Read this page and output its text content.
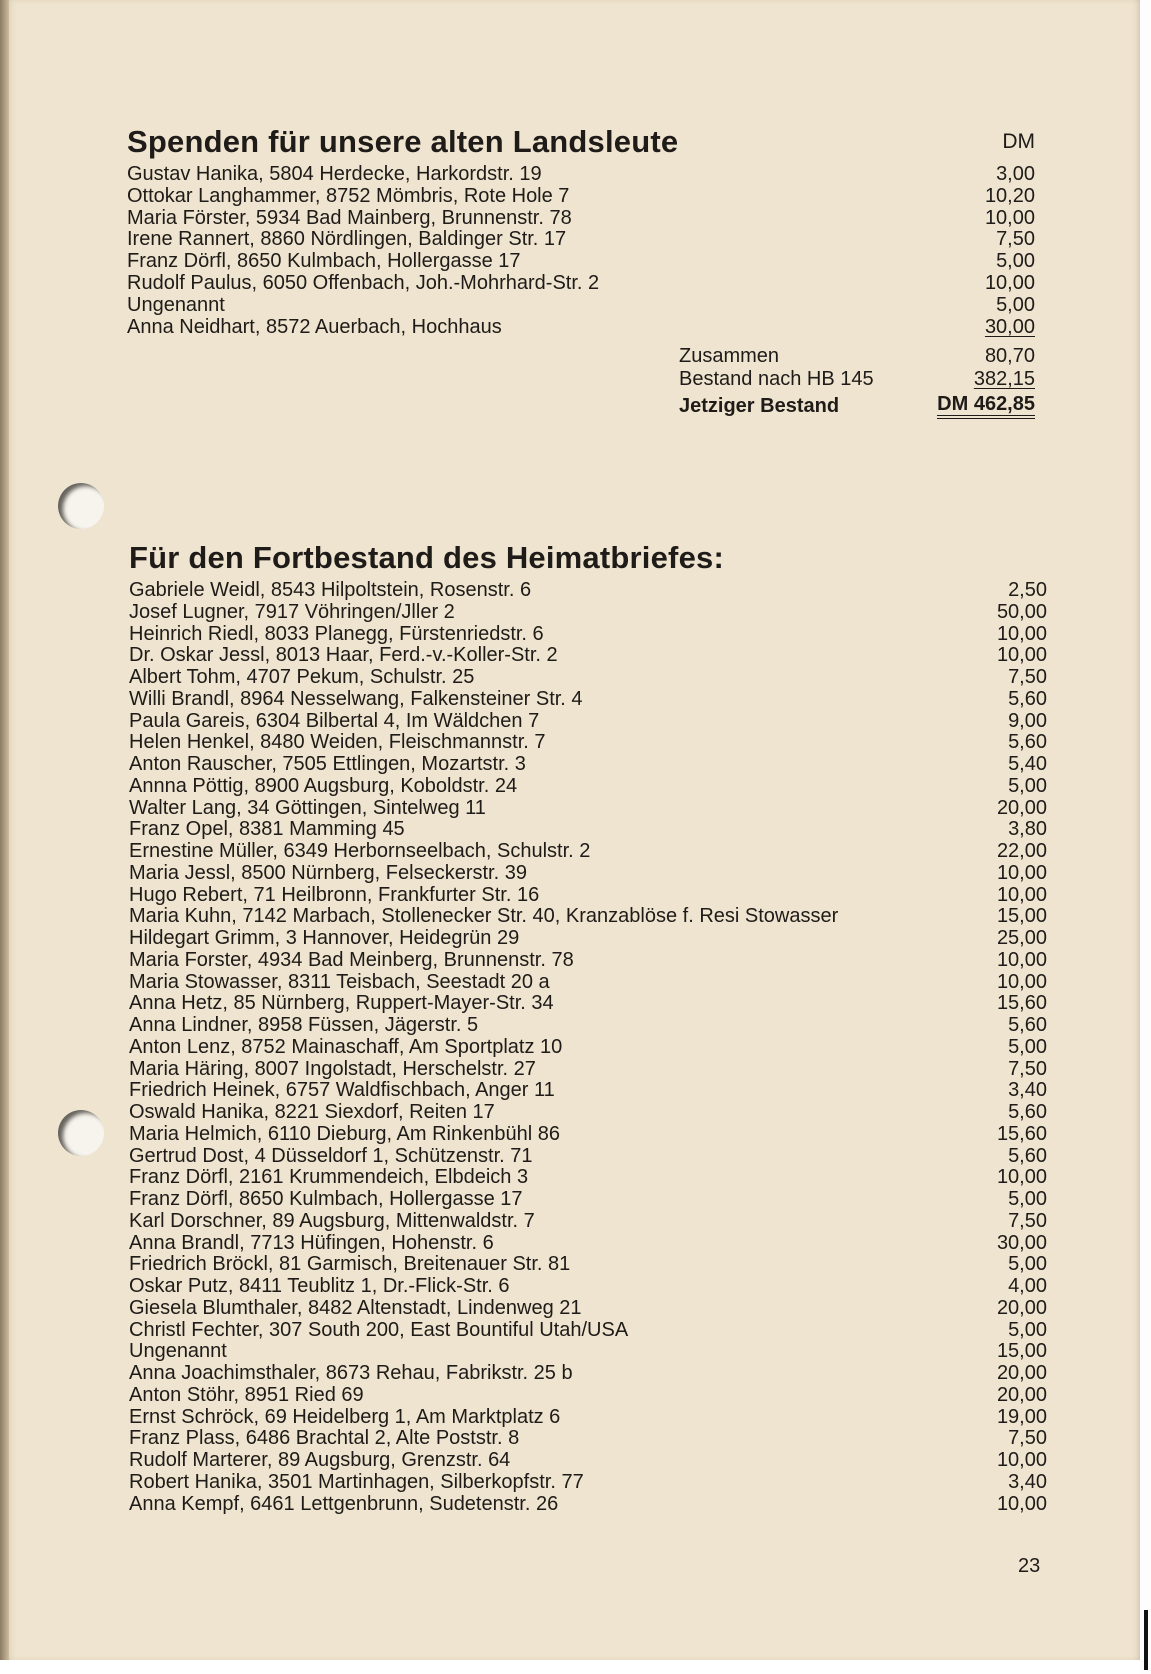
Spenden für unsere alten Landsleute	DM
Gustav Hanika, 5804 Herdecke, Harkordstr. 19	3,00
Ottokar Langhammer, 8752 Mömbris, Rote Hole 7	10,20
Maria Förster, 5934 Bad Mainberg, Brunnenstr. 78	10,00
Irene Rannert, 8860 Nördlingen, Baldinger Str. 17	7,50
Franz Dörfl, 8650 Kulmbach, Hollergasse 17	5,00
Rudolf Paulus, 6050 Offenbach, Joh.-Mohrhard-Str. 2	10,00
Ungenannt	5,00
Anna Neidhart, 8572 Auerbach, Hochhaus	30,00
Zusammen	80,70
Bestand nach HB 145	382,15
Jetziger Bestand	DM 462,85
Für den Fortbestand des Heimatbriefes:
Gabriele Weidl, 8543 Hilpoltstein, Rosenstr. 6	2,50
Josef Lugner, 7917 Vöhringen/Jller 2	50,00
Heinrich Riedl, 8033 Planegg, Fürstenriedstr. 6	10,00
Dr. Oskar Jessl, 8013 Haar, Ferd.-v.-Koller-Str. 2	10,00
Albert Tohm, 4707 Pekum, Schulstr. 25	7,50
Willi Brandl, 8964 Nesselwang, Falkensteiner Str. 4	5,60
Paula Gareis, 6304 Bilbertal 4, Im Wäldchen 7	9,00
Helen Henkel, 8480 Weiden, Fleischmannstr. 7	5,60
Anton Rauscher, 7505 Ettlingen, Mozartstr. 3	5,40
Annna Pöttig, 8900 Augsburg, Koboldstr. 24	5,00
Walter Lang, 34 Göttingen, Sintelweg 11	20,00
Franz Opel, 8381 Mamming 45	3,80
Ernestine Müller, 6349 Herbornseelbach, Schulstr. 2	22,00
Maria Jessl, 8500 Nürnberg, Felseckerstr. 39	10,00
Hugo Rebert, 71 Heilbronn, Frankfurter Str. 16	10,00
Maria Kuhn, 7142 Marbach, Stollenecker Str. 40, Kranzablöse f. Resi Stowasser	15,00
Hildegart Grimm, 3 Hannover, Heidegrün 29	25,00
Maria Forster, 4934 Bad Meinberg, Brunnenstr. 78	10,00
Maria Stowasser, 8311 Teisbach, Seestadt 20 a	10,00
Anna Hetz, 85 Nürnberg, Ruppert-Mayer-Str. 34	15,60
Anna Lindner, 8958 Füssen, Jägerstr. 5	5,60
Anton Lenz, 8752 Mainaschaff, Am Sportplatz 10	5,00
Maria Häring, 8007 Ingolstadt, Herschelstr. 27	7,50
Friedrich Heinek, 6757 Waldfischbach, Anger 11	3,40
Oswald Hanika, 8221 Siexdorf, Reiten 17	5,60
Maria Helmich, 6110 Dieburg, Am Rinkenbühl 86	15,60
Gertrud Dost, 4 Düsseldorf 1, Schützenstr. 71	5,60
Franz Dörfl, 2161 Krummendeich, Elbdeich 3	10,00
Franz Dörfl, 8650 Kulmbach, Hollergasse 17	5,00
Karl Dorschner, 89 Augsburg, Mittenwaldstr. 7	7,50
Anna Brandl, 7713 Hüfingen, Hohenstr. 6	30,00
Friedrich Bröckl, 81 Garmisch, Breitenauer Str. 81	5,00
Oskar Putz, 8411 Teublitz 1, Dr.-Flick-Str. 6	4,00
Giesela Blumthaler, 8482 Altenstadt, Lindenweg 21	20,00
Christl Fechter, 307 South 200, East Bountiful Utah/USA	5,00
Ungenannt	15,00
Anna Joachimsthaler, 8673 Rehau, Fabrikstr. 25 b	20,00
Anton Stöhr, 8951 Ried 69	20,00
Ernst Schröck, 69 Heidelberg 1, Am Marktplatz 6	19,00
Franz Plass, 6486 Brachtal 2, Alte Poststr. 8	7,50
Rudolf Marterer, 89 Augsburg, Grenzstr. 64	10,00
Robert Hanika, 3501 Martinhagen, Silberkopfstr. 77	3,40
Anna Kempf, 6461 Lettgenbrunn, Sudetenstr. 26	10,00
23
